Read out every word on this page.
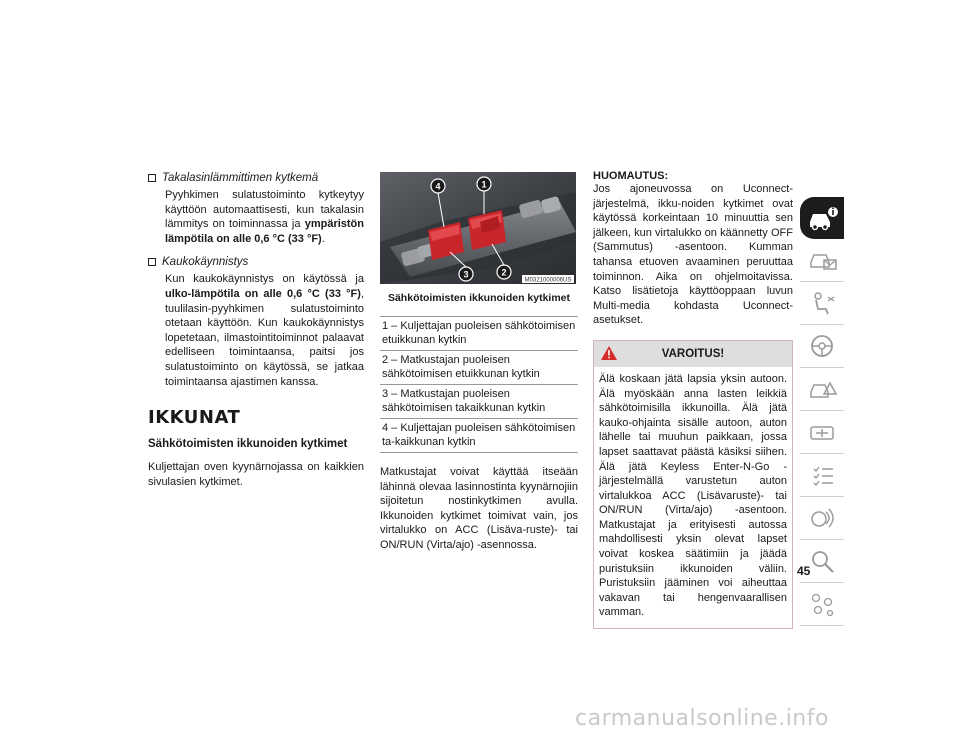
Takalasinlämmittimen kytkemä
Pyyhkimen sulatustoiminto kytkeytyy käyttöön automaattisesti, kun takalasin lämmitys on toiminnassa ja ympäristön lämpötila on alle 0,6 °C (33 °F).
Kaukokäynnistys
Kun kaukokäynnistys on käytössä ja ulko-lämpötila on alle 0,6 °C (33 °F), tuulilasin-pyyhkimen sulatustoiminto otetaan käyttöön. Kun kaukokäynnistys lopetetaan, ilmastointitoiminnot palaavat edelliseen toimintaansa, paitsi jos sulatustoiminto on käytössä, se jatkaa toimintaansa ajastimen kanssa.
IKKUNAT
Sähkötoimisten ikkunoiden kytkimet
Kuljettajan oven kyynärnojassa on kaikkien sivulasien kytkimet.
4	1
3	2
M0321000006US
Sähkötoimisten ikkunoiden kytkimet
1 – Kuljettajan puoleisen sähkötoimisen etuikkunan kytkin
2 – Matkustajan puoleisen sähkötoimisen etuikkunan kytkin
3 – Matkustajan puoleisen sähkötoimisen takaikkunan kytkin
4 – Kuljettajan puoleisen sähkötoimisen ta-kaikkunan kytkin
Matkustajat voivat käyttää itseään lähinnä olevaa lasinnostinta kyynärnojiin sijoitetun nostinkytkimen avulla. Ikkunoiden kytkimet toimivat vain, jos virtalukko on ACC (Lisäva-ruste)- tai ON/RUN (Virta/ajo) -asennossa.
HUOMAUTUS:
Jos ajoneuvossa on Uconnect-järjestelmä, ikku-noiden kytkimet ovat käytössä korkeintaan 10 minuuttia sen jälkeen, kun virtalukko on käännetty OFF (Sammutus) -asentoon. Kumman tahansa etuoven avaaminen peruuttaa toiminnon. Aika on ohjelmoitavissa. Katso lisätietoja käyttöoppaan luvun Multi-media kohdasta Uconnect-asetukset.
VAROITUS!
Älä koskaan jätä lapsia yksin autoon. Älä myöskään anna lasten leikkiä sähkötoimisilla ikkunoilla. Älä jätä kauko-ohjainta sisälle autoon, auton lähelle tai muuhun paikkaan, jossa lapset saattavat päästä käsiksi siihen. Älä jätä Keyless Enter-N-Go -järjestelmällä varustetun auton virtalukkoa ACC (Lisävaruste)- tai ON/RUN (Virta/ajo) -asentoon. Matkustajat ja erityisesti autossa mahdollisesti yksin olevat lapset voivat koskea säätimiin ja jäädä puristuksiin ikkunoiden väliin. Puristuksiin jääminen voi aiheuttaa vakavan tai hengenvaarallisen vamman.
45
carmanualsonline.info
